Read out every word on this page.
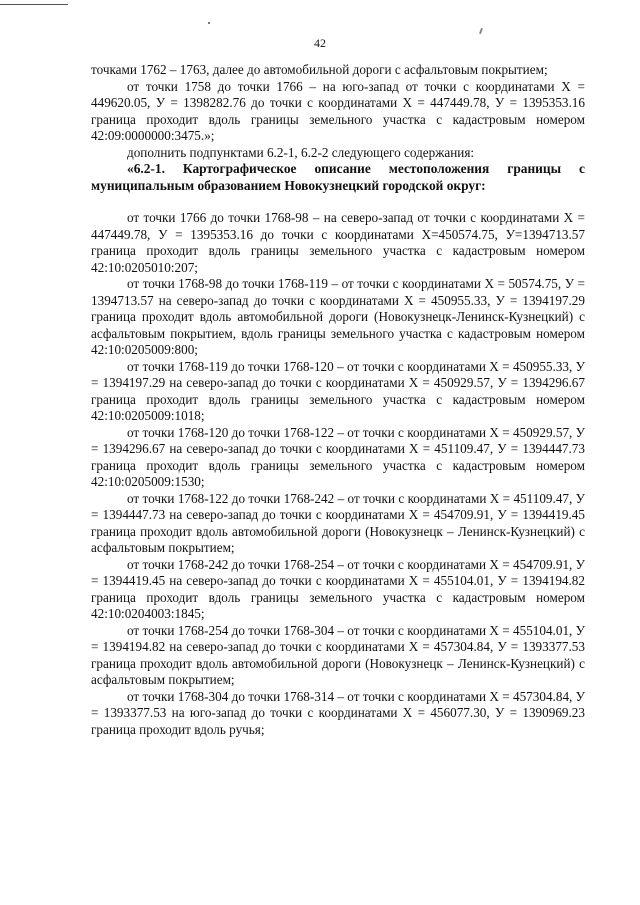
42

точками 1762 – 1763, далее до автомобильной дороги с асфальтовым покрытием;

от точки 1758 до точки 1766 – на юго-запад от точки с координатами X = 449620.05, У = 1398282.76 до точки с координатами X = 447449.78, У = 1395353.16 граница проходит вдоль границы земельного участка с кадастровым номером 42:09:0000000:3475.»;

дополнить подпунктами 6.2-1, 6.2-2 следующего содержания:

«6.2-1. Картографическое описание местоположения границы с муниципальным образованием Новокузнецкий городской округ:

от точки 1766 до точки 1768-98 – на северо-запад от точки с координатами X = 447449.78, У = 1395353.16 до точки с координатами X=450574.75, У=1394713.57 граница проходит вдоль границы земельного участка с кадастровым номером 42:10:0205010:207;

от точки 1768-98 до точки 1768-119 – от точки с координатами X = 50574.75, У = 1394713.57 на северо-запад до точки с координатами X = 450955.33, У = 1394197.29 граница проходит вдоль автомобильной дороги (Новокузнецк-Ленинск-Кузнецкий) с асфальтовым покрытием, вдоль границы земельного участка с кадастровым номером 42:10:0205009:800;

от точки 1768-119 до точки 1768-120 – от точки с координатами X = 450955.33, У = 1394197.29 на северо-запад до точки с координатами X = 450929.57, У = 1394296.67 граница проходит вдоль границы земельного участка с кадастровым номером 42:10:0205009:1018;

от точки 1768-120 до точки 1768-122 – от точки с координатами X = 450929.57, У = 1394296.67 на северо-запад до точки с координатами X = 451109.47, У = 1394447.73 граница проходит вдоль границы земельного участка с кадастровым номером 42:10:0205009:1530;

от точки 1768-122 до точки 1768-242 – от точки с координатами X = 451109.47, У = 1394447.73 на северо-запад до точки с координатами X = 454709.91, У = 1394419.45 граница проходит вдоль автомобильной дороги (Новокузнецк – Ленинск-Кузнецкий) с асфальтовым покрытием;

от точки 1768-242 до точки 1768-254 – от точки с координатами X = 454709.91, У = 1394419.45 на северо-запад до точки с координатами X = 455104.01, У = 1394194.82 граница проходит вдоль границы земельного участка с кадастровым номером 42:10:0204003:1845;

от точки 1768-254 до точки 1768-304 – от точки с координатами X = 455104.01, У = 1394194.82 на северо-запад до точки с координатами X = 457304.84, У = 1393377.53 граница проходит вдоль автомобильной дороги (Новокузнецк – Ленинск-Кузнецкий) с асфальтовым покрытием;

от точки 1768-304 до точки 1768-314 – от точки с координатами X = 457304.84, У = 1393377.53 на юго-запад до точки с координатами X = 456077.30, У = 1390969.23 граница проходит вдоль ручья;
